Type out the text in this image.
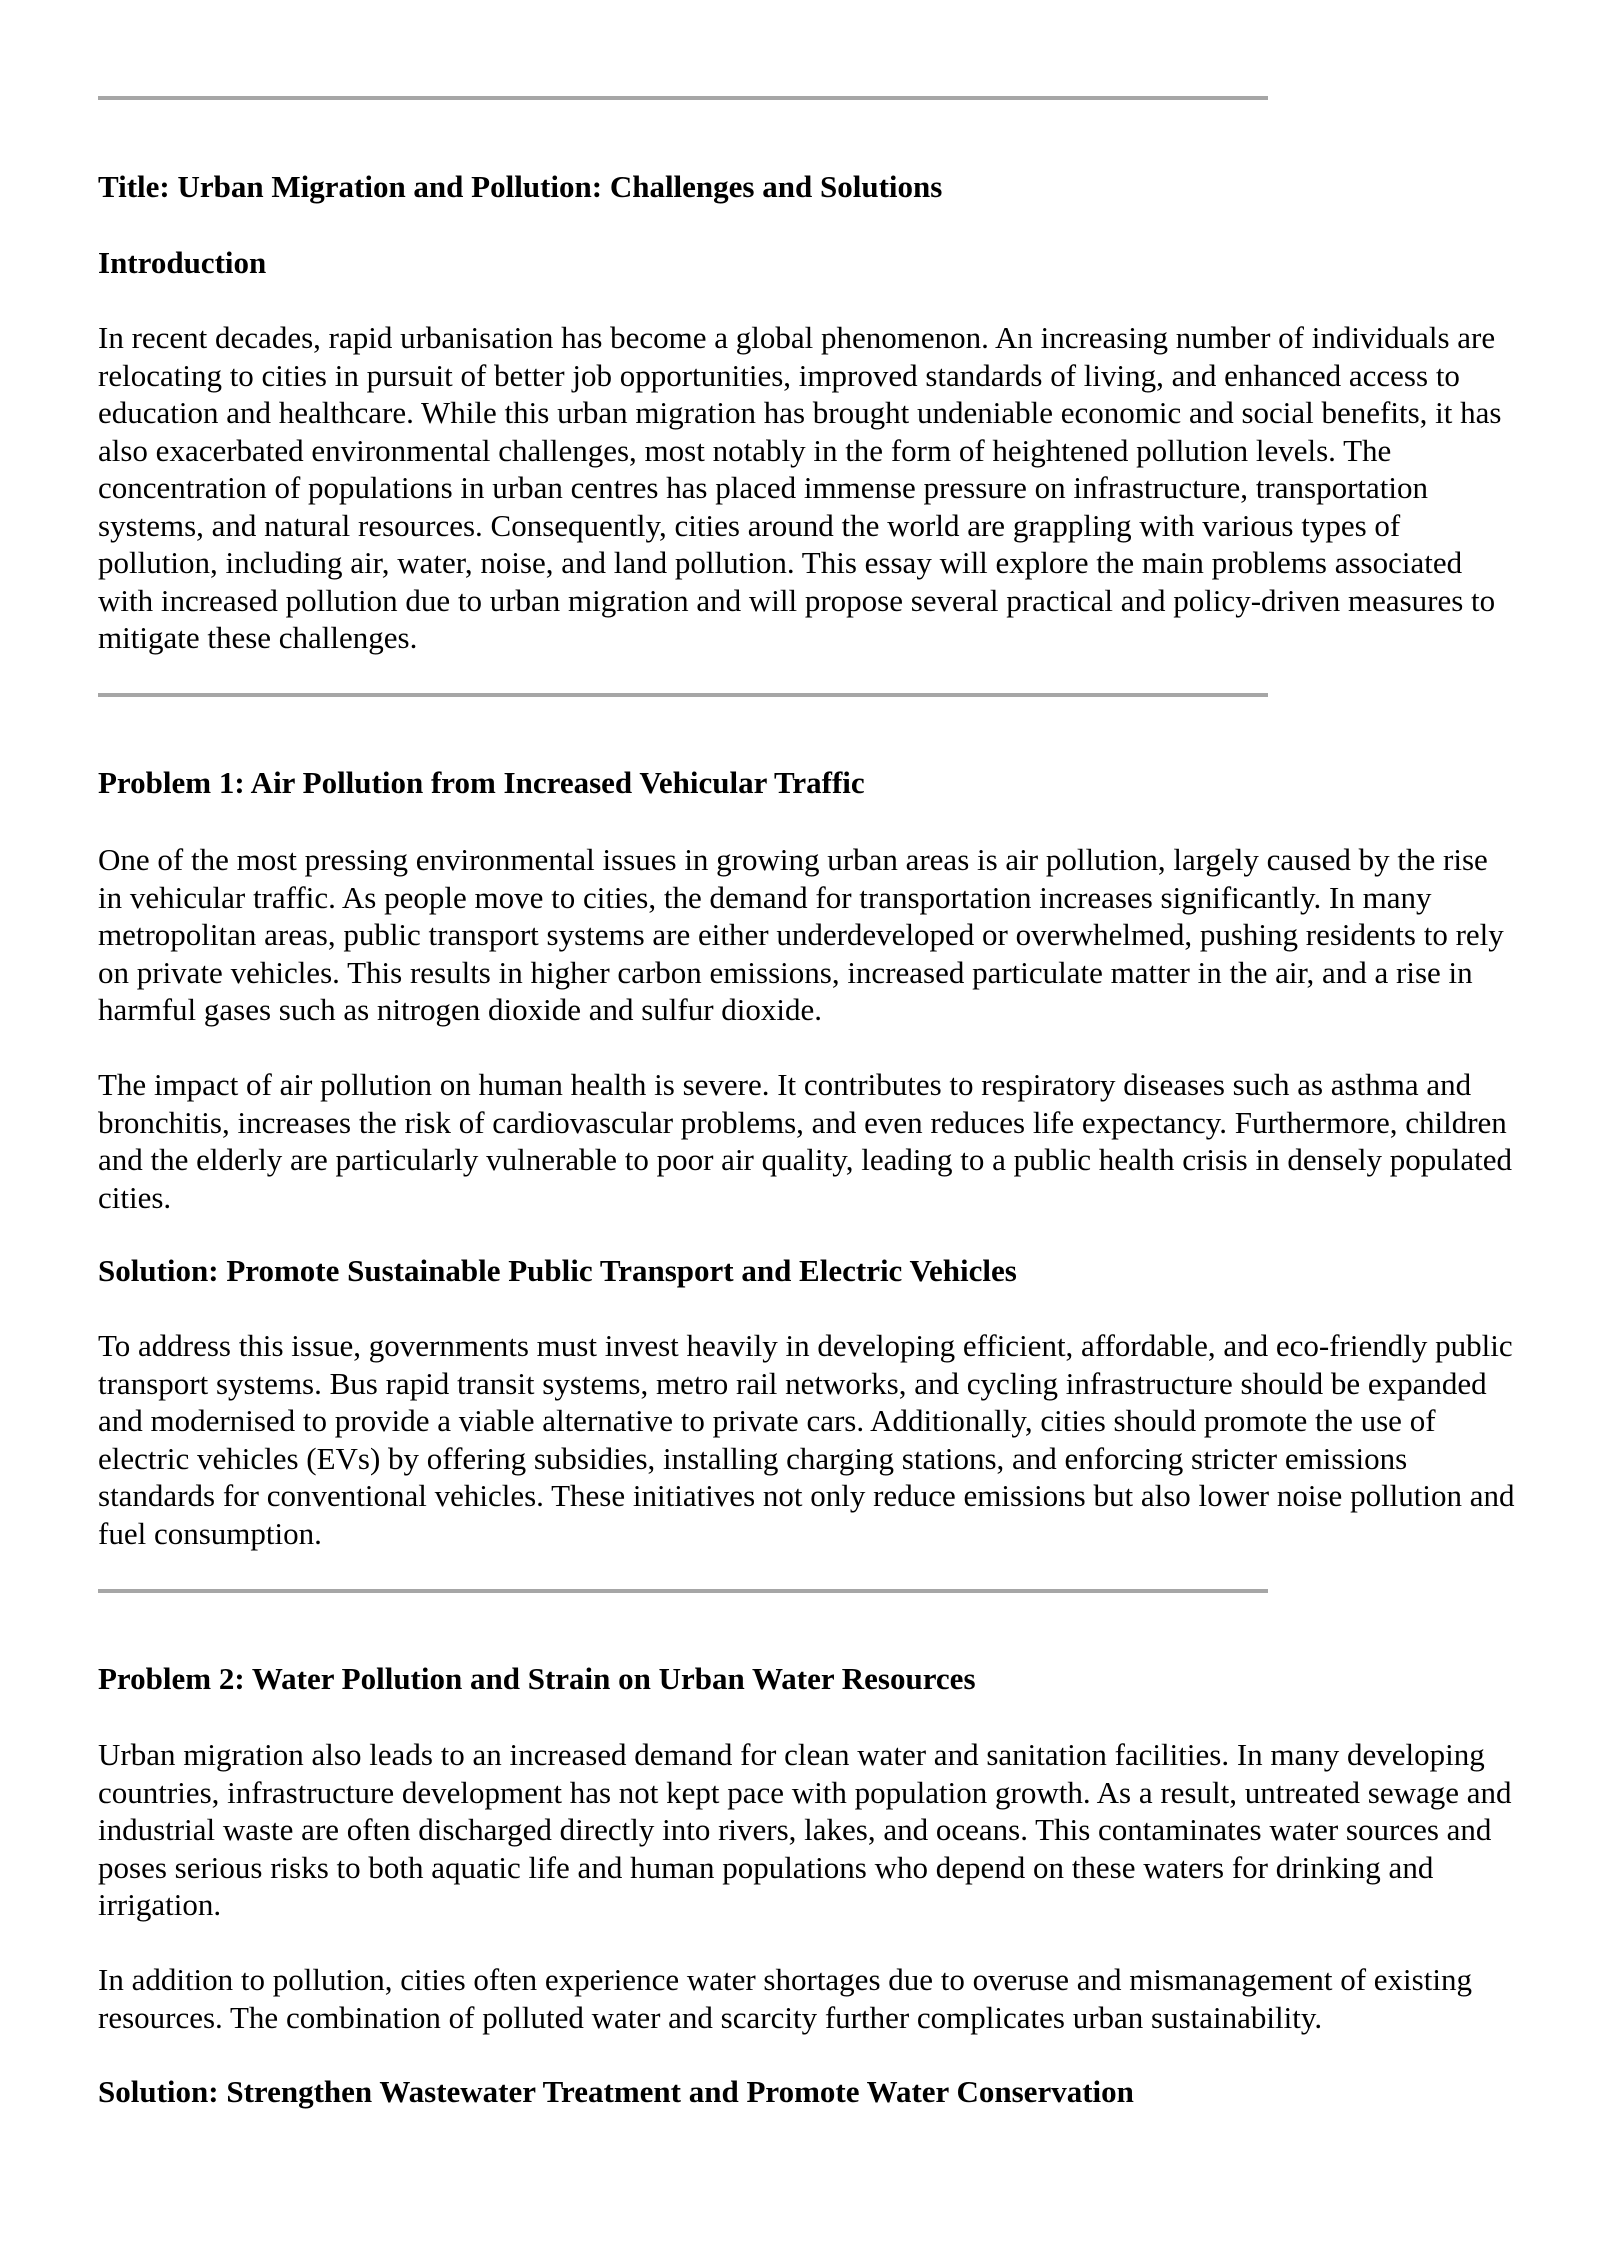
Title: Urban Migration and Pollution: Challenges and Solutions

Introduction

In recent decades, rapid urbanisation has become a global phenomenon. An increasing number of individuals are relocating to cities in pursuit of better job opportunities, improved standards of living, and enhanced access to education and healthcare. While this urban migration has brought undeniable economic and social benefits, it has also exacerbated environmental challenges, most notably in the form of heightened pollution levels. The concentration of populations in urban centres has placed immense pressure on infrastructure, transportation systems, and natural resources. Consequently, cities around the world are grappling with various types of pollution, including air, water, noise, and land pollution. This essay will explore the main problems associated with increased pollution due to urban migration and will propose several practical and policy-driven measures to mitigate these challenges.

Problem 1: Air Pollution from Increased Vehicular Traffic

One of the most pressing environmental issues in growing urban areas is air pollution, largely caused by the rise in vehicular traffic. As people move to cities, the demand for transportation increases significantly. In many metropolitan areas, public transport systems are either underdeveloped or overwhelmed, pushing residents to rely on private vehicles. This results in higher carbon emissions, increased particulate matter in the air, and a rise in harmful gases such as nitrogen dioxide and sulfur dioxide.

The impact of air pollution on human health is severe. It contributes to respiratory diseases such as asthma and bronchitis, increases the risk of cardiovascular problems, and even reduces life expectancy. Furthermore, children and the elderly are particularly vulnerable to poor air quality, leading to a public health crisis in densely populated cities.

Solution: Promote Sustainable Public Transport and Electric Vehicles

To address this issue, governments must invest heavily in developing efficient, affordable, and eco-friendly public transport systems. Bus rapid transit systems, metro rail networks, and cycling infrastructure should be expanded and modernised to provide a viable alternative to private cars. Additionally, cities should promote the use of electric vehicles (EVs) by offering subsidies, installing charging stations, and enforcing stricter emissions standards for conventional vehicles. These initiatives not only reduce emissions but also lower noise pollution and fuel consumption.

Problem 2: Water Pollution and Strain on Urban Water Resources

Urban migration also leads to an increased demand for clean water and sanitation facilities. In many developing countries, infrastructure development has not kept pace with population growth. As a result, untreated sewage and industrial waste are often discharged directly into rivers, lakes, and oceans. This contaminates water sources and poses serious risks to both aquatic life and human populations who depend on these waters for drinking and irrigation.

In addition to pollution, cities often experience water shortages due to overuse and mismanagement of existing resources. The combination of polluted water and scarcity further complicates urban sustainability.

Solution: Strengthen Wastewater Treatment and Promote Water Conservation
